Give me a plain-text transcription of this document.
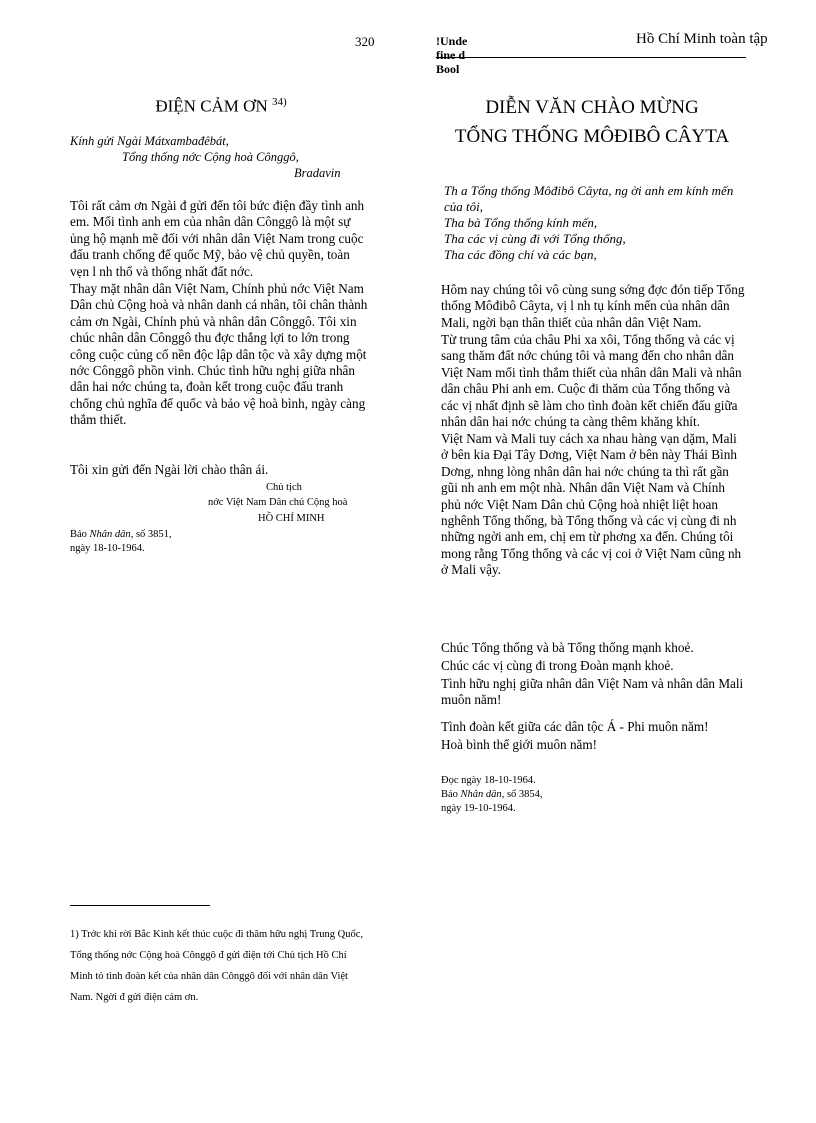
320	!Unde
fine d
Bool
Hồ Chí Minh toàn tập
ĐIỆN CẢM ƠN $^{34)}$
Kính gửi Ngài Mátxambađêbát,
Tổng thống nớc Cộng hoà Cônggô,
Bradavin

Tôi rất cảm ơn Ngài đ gửi đến tôi bức điện đầy tình anh em. Mối tình anh em của nhân dân Cônggô là một sự ủng hộ mạnh mẽ đối với nhân dân Việt Nam trong cuộc đấu tranh chống đế quốc Mỹ, bảo vệ chủ quyền, toàn vẹn l nh thổ và thống nhất đất nớc.

Thay mặt nhân dân Việt Nam, Chính phủ nớc Việt Nam Dân chủ Cộng hoà và nhân danh cá nhân, tôi chân thành cảm ơn Ngài, Chính phủ và nhân dân Cônggô. Tôi xin chúc nhân dân Cônggô thu đợc thắng lợi to lớn trong công cuộc củng cố nền độc lập dân tộc và xây dựng một nớc Cônggô phồn vinh. Chúc tình hữu nghị giữa nhân dân hai nớc chúng ta, đoàn kết trong cuộc đấu tranh chống chủ nghĩa đế quốc và bảo vệ hoà bình, ngày càng thắm thiết.

Tôi xin gửi đến Ngài lời chào thân ái.

Chủ tịch
nớc Việt Nam Dân chủ Cộng hoà
HỒ CHÍ MINH
Báo Nhân dân, số 3851,
ngày 18-10-1964.
1) Trớc khi rời Bắc Kinh kết thúc cuộc đi thăm hữu nghị Trung Quốc, Tổng thống nớc Cộng hoà Cônggô đ gửi điện tới Chủ tịch Hồ Chí Minh tỏ tình đoàn kết của nhân dân Cônggô đối với nhân dân Việt Nam. Ngời đ gửi điện cảm ơn.
DIỄN VĂN CHÀO MỪNG
TỔNG THỐNG MÔĐIBÔ CÂYTA
Th a Tổng thống Môđibô Câyta, ng ời anh em kính mến của tôi,
Tha bà Tổng thống kính mến,
Tha các vị cùng đi với Tổng thống,
Tha các đồng chí và các bạn,

Hôm nay chúng tôi vô cùng sung sớng đợc đón tiếp Tổng thống Môđibô Câyta, vị l nh tụ kính mến của nhân dân Mali, ngời bạn thân thiết của nhân dân Việt Nam.

Từ trung tâm của châu Phi xa xôi, Tổng thống và các vị sang thăm đất nớc chúng tôi và mang đến cho nhân dân Việt Nam mối tình thắm thiết của nhân dân Mali và nhân dân châu Phi anh em. Cuộc đi thăm của Tổng thống và các vị nhất định sẽ làm cho tình đoàn kết chiến đấu giữa nhân dân hai nớc chúng ta càng thêm khăng khít.

Việt Nam và Mali tuy cách xa nhau hàng vạn dặm, Mali ở bên kia Đại Tây Dơng, Việt Nam ở bên này Thái Bình Dơng, nhng lòng nhân dân hai nớc chúng ta thì rất gần gũi nh anh em một nhà. Nhân dân Việt Nam và Chính phủ nớc Việt Nam Dân chủ Cộng hoà nhiệt liệt hoan nghênh Tổng thống, bà Tổng thống và các vị cùng đi nh những ngời anh em, chị em từ phơng xa đến. Chúng tôi mong rằng Tổng thống và các vị coi ở Việt Nam cũng nh ở Mali vậy.

Chúc Tổng thống và bà Tổng thống mạnh khoẻ.

Chúc các vị cùng đi trong Đoàn mạnh khoẻ.

Tình hữu nghị giữa nhân dân Việt Nam và nhân dân Mali muôn năm!

Tình đoàn kết giữa các dân tộc Á - Phi muôn năm!

Hoà bình thế giới muôn năm!

Đọc ngày 18-10-1964.
Báo Nhân dân, số 3854,
ngày 19-10-1964.
